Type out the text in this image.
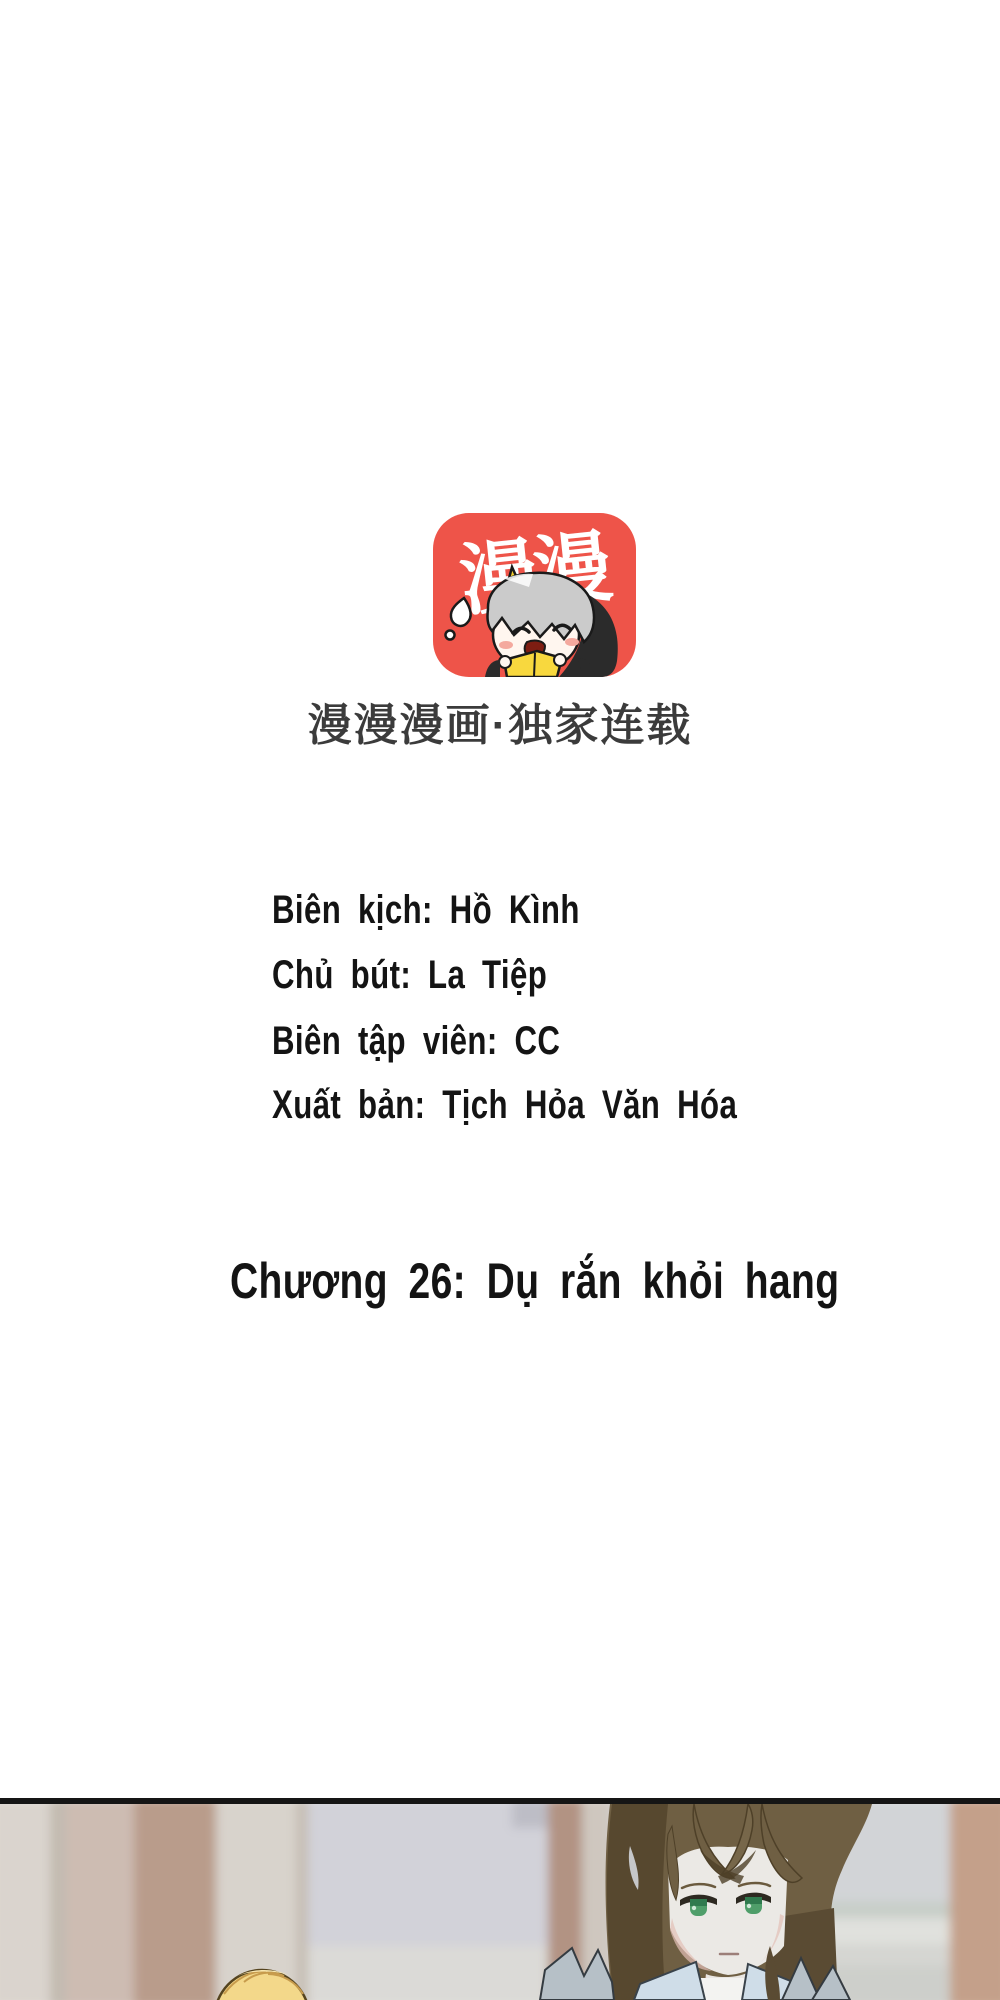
漫漫漫画·独家连载
Biên kịch: Hồ Kình
Chủ bút: La Tiệp
Biên tập viên: CC
Xuất bản: Tịch Hỏa Văn Hóa
Chương 26: Dụ rắn khỏi hang
